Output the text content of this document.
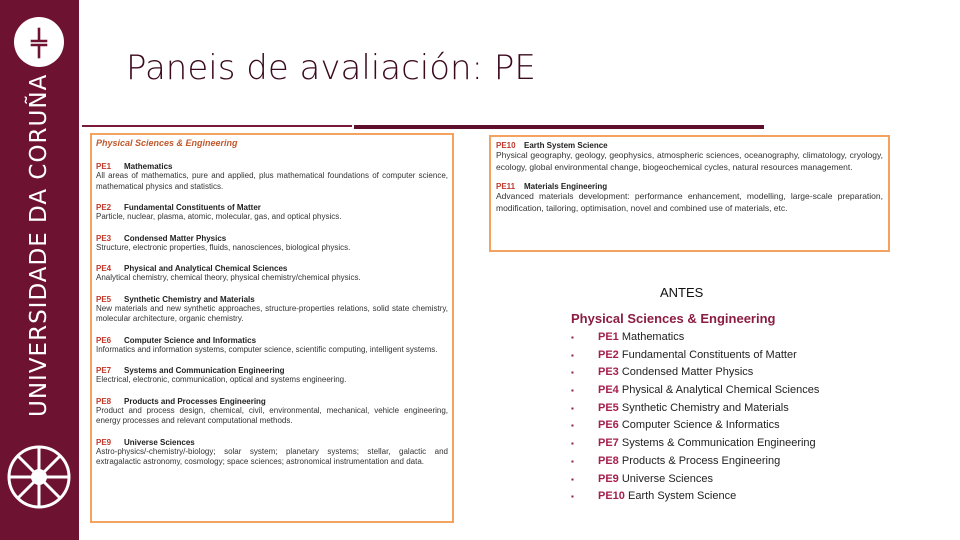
UNIVERSIDADE DA CORUÑA
Paneis de avaliación: PE
Physical Sciences & Engineering
PE1 Mathematics
All areas of mathematics, pure and applied, plus mathematical foundations of computer science, mathematical physics and statistics.
PE2 Fundamental Constituents of Matter
Particle, nuclear, plasma, atomic, molecular, gas, and optical physics.
PE3 Condensed Matter Physics
Structure, electronic properties, fluids, nanosciences, biological physics.
PE4 Physical and Analytical Chemical Sciences
Analytical chemistry, chemical theory, physical chemistry/chemical physics.
PE5 Synthetic Chemistry and Materials
New materials and new synthetic approaches, structure-properties relations, solid state chemistry, molecular architecture, organic chemistry.
PE6 Computer Science and Informatics
Informatics and information systems, computer science, scientific computing, intelligent systems.
PE7 Systems and Communication Engineering
Electrical, electronic, communication, optical and systems engineering.
PE8 Products and Processes Engineering
Product and process design, chemical, civil, environmental, mechanical, vehicle engineering, energy processes and relevant computational methods.
PE9 Universe Sciences
Astro-physics/-chemistry/-biology; solar system; planetary systems; stellar, galactic and extragalactic astronomy, cosmology; space sciences; astronomical instrumentation and data.
PE10 Earth System Science
Physical geography, geology, geophysics, atmospheric sciences, oceanography, climatology, cryology, ecology, global environmental change, biogeochemical cycles, natural resources management.
PE11 Materials Engineering
Advanced materials development: performance enhancement, modelling, large-scale preparation, modification, tailoring, optimisation, novel and combined use of materials, etc.
ANTES
Physical Sciences & Engineering
▪ PE1 Mathematics
▪ PE2 Fundamental Constituents of Matter
▪ PE3 Condensed Matter Physics
▪ PE4 Physical & Analytical Chemical Sciences
▪ PE5 Synthetic Chemistry and Materials
▪ PE6 Computer Science & Informatics
▪ PE7 Systems & Communication Engineering
▪ PE8 Products & Process Engineering
▪ PE9 Universe Sciences
▪ PE10 Earth System Science
